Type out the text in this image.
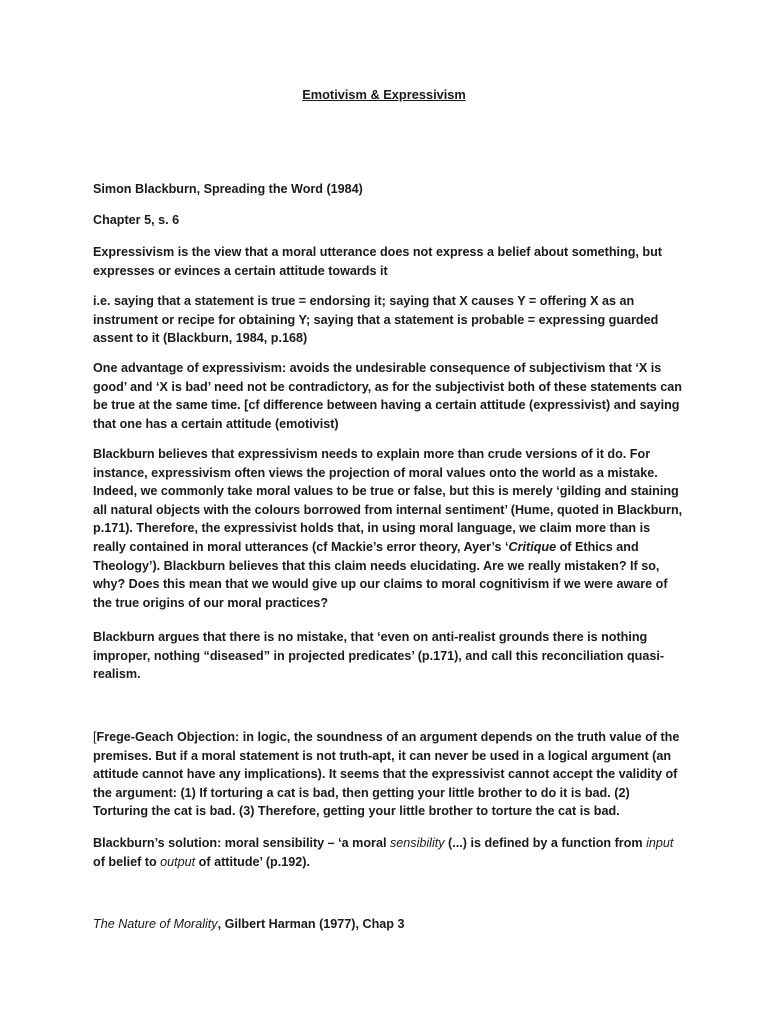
Emotivism & Expressivism

Simon Blackburn, Spreading the Word (1984)

Chapter 5, s. 6

Expressivism is the view that a moral utterance does not express a belief about something, but expresses or evinces a certain attitude towards it

i.e. saying that a statement is true = endorsing it; saying that X causes Y = offering X as an instrument or recipe for obtaining Y; saying that a statement is probable = expressing guarded assent to it (Blackburn, 1984, p.168)

One advantage of expressivism: avoids the undesirable consequence of subjectivism that ‘X is good’ and ‘X is bad’ need not be contradictory, as for the subjectivist both of these statements can be true at the same time. [cf difference between having a certain attitude (expressivist) and saying that one has a certain attitude (emotivist)

Blackburn believes that expressivism needs to explain more than crude versions of it do. For instance, expressivism often views the projection of moral values onto the world as a mistake. Indeed, we commonly take moral values to be true or false, but this is merely ‘gilding and staining all natural objects with the colours borrowed from internal sentiment’ (Hume, quoted in Blackburn, p.171). Therefore, the expressivist holds that, in using moral language, we claim more than is really contained in moral utterances (cf Mackie’s error theory, Ayer’s ‘Critique of Ethics and Theology’). Blackburn believes that this claim needs elucidating. Are we really mistaken? If so, why? Does this mean that we would give up our claims to moral cognitivism if we were aware of the true origins of our moral practices?

Blackburn argues that there is no mistake, that ‘even on anti-realist grounds there is nothing improper, nothing “diseased” in projected predicates’ (p.171), and call this reconciliation quasi-realism.

[Frege-Geach Objection: in logic, the soundness of an argument depends on the truth value of the premises. But if a moral statement is not truth-apt, it can never be used in a logical argument (an attitude cannot have any implications). It seems that the expressivist cannot accept the validity of the argument: (1) If torturing a cat is bad, then getting your little brother to do it is bad. (2) Torturing the cat is bad. (3) Therefore, getting your little brother to torture the cat is bad.

Blackburn’s solution: moral sensibility – ‘a moral sensibility (...) is defined by a function from input of belief to output of attitude’ (p.192).

The Nature of Morality, Gilbert Harman (1977), Chap 3
